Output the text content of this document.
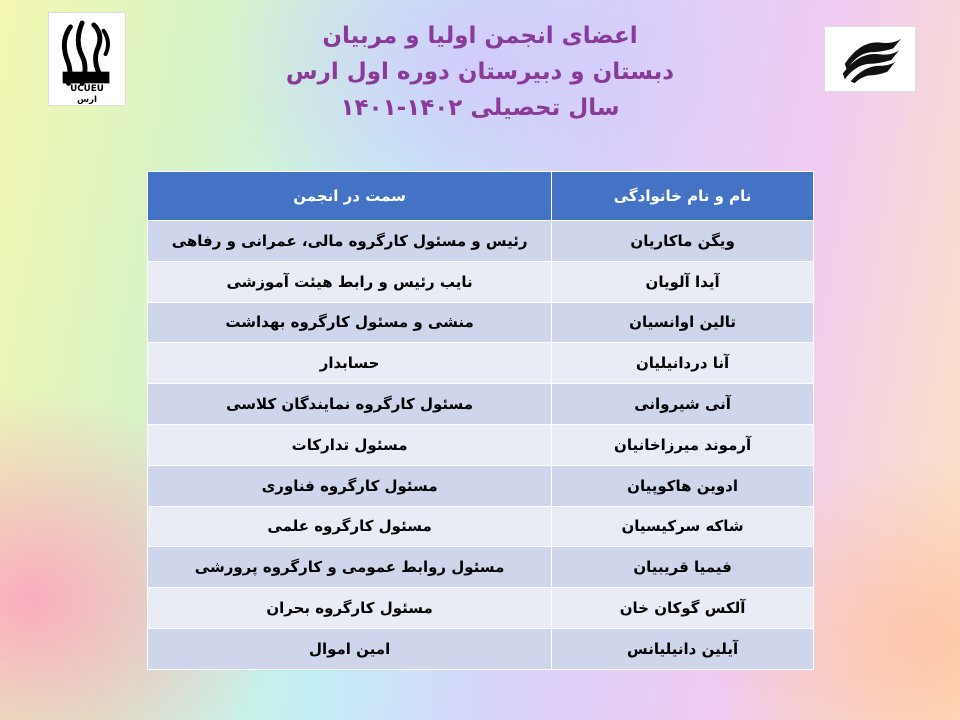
UCUEU
ارس
اعضای انجمن اولیا و مربیان
دبستان و دبیرستان دوره اول ارس
سال تحصیلی ۱۴۰۲-۱۴۰۱
نام و نام خانوادگی	سمت در انجمن
ویگن ماکاریان	رئیس و مسئول کارگروه مالی، عمرانی و رفاهی
آیدا آلویان	نایب رئیس و رابط هیئت آموزشی
تالین اوانسیان	منشی و مسئول کارگروه بهداشت
آنا دردانیلیان	حسابدار
آنی شیروانی	مسئول کارگروه نمایندگان کلاسی
آرموند میرزاخانیان	مسئول تدارکات
ادوین هاکوپیان	مسئول کارگروه فناوری
شاکه سرکیسیان	مسئول کارگروه علمی
فیمیا قریبیان	مسئول روابط عمومی و کارگروه پرورشی
آلکس گوکان خان	مسئول کارگروه بحران
آیلین دانیلیانس	امین اموال
